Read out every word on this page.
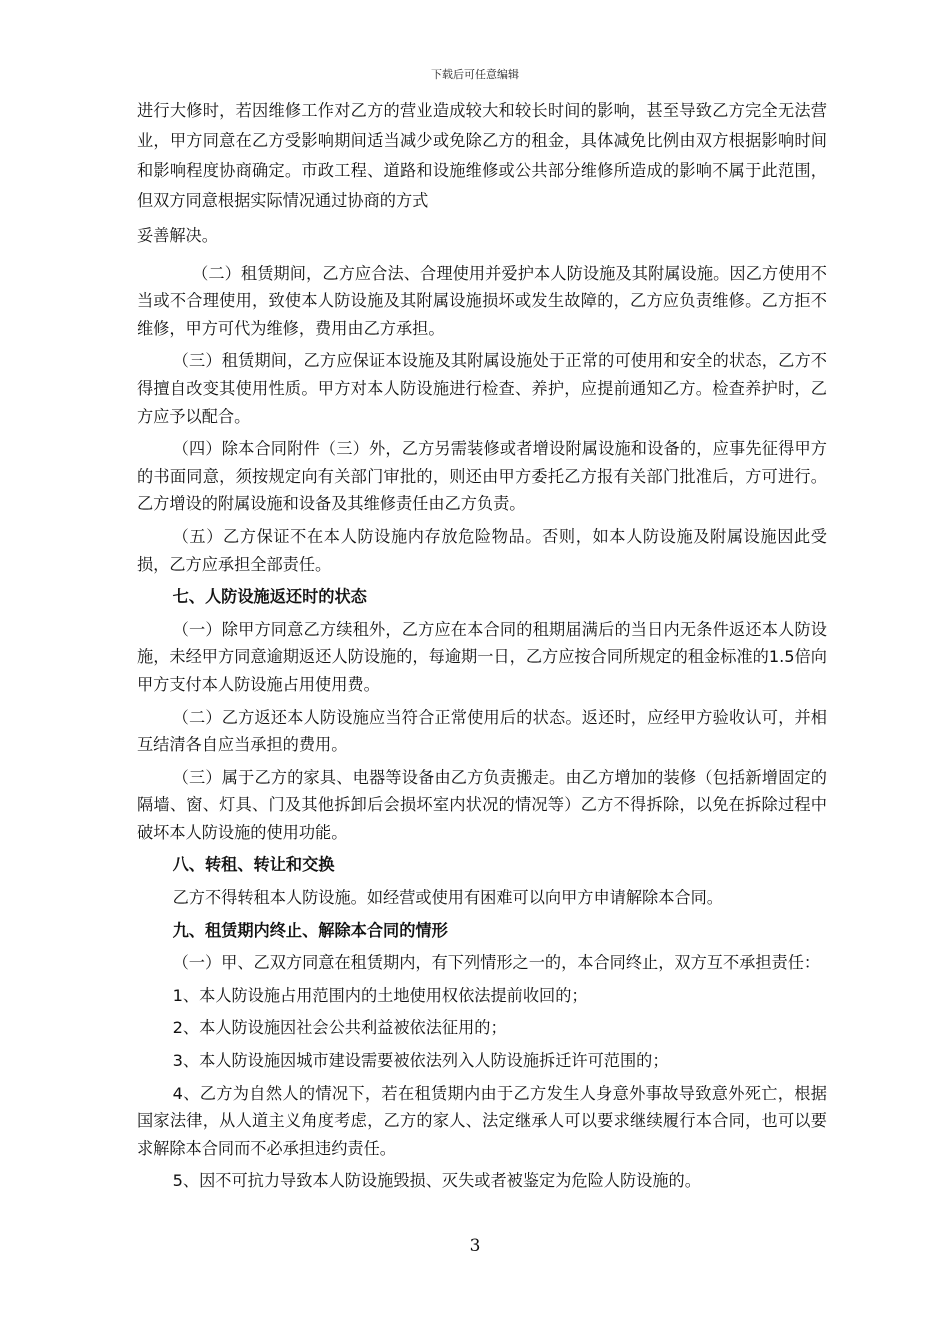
下载后可任意编辑

进行大修时，若因维修工作对乙方的营业造成较大和较长时间的影响，甚至导致乙方完全无法营业，甲方同意在乙方受影响期间适当减少或免除乙方的租金，具体减免比例由双方根据影响时间和影响程度协商确定。市政工程、道路和设施维修或公共部分维修所造成的影响不属于此范围，但双方同意根据实际情况通过协商的方式

妥善解决。

（二）租赁期间，乙方应合法、合理使用并爱护本人防设施及其附属设施。因乙方使用不当或不合理使用，致使本人防设施及其附属设施损坏或发生故障的，乙方应负责维修。乙方拒不维修，甲方可代为维修，费用由乙方承担。

（三）租赁期间，乙方应保证本设施及其附属设施处于正常的可使用和安全的状态，乙方不得擅自改变其使用性质。甲方对本人防设施进行检查、养护，应提前通知乙方。检查养护时，乙方应予以配合。

（四）除本合同附件（三）外，乙方另需装修或者增设附属设施和设备的，应事先征得甲方的书面同意，须按规定向有关部门审批的，则还由甲方委托乙方报有关部门批准后，方可进行。乙方增设的附属设施和设备及其维修责任由乙方负责。

（五）乙方保证不在本人防设施内存放危险物品。否则，如本人防设施及附属设施因此受损，乙方应承担全部责任。

七、人防设施返还时的状态

（一）除甲方同意乙方续租外，乙方应在本合同的租期届满后的当日内无条件返还本人防设施，未经甲方同意逾期返还人防设施的，每逾期一日，乙方应按合同所规定的租金标准的1.5倍向甲方支付本人防设施占用使用费。

（二）乙方返还本人防设施应当符合正常使用后的状态。返还时，应经甲方验收认可，并相互结清各自应当承担的费用。

（三）属于乙方的家具、电器等设备由乙方负责搬走。由乙方增加的装修（包括新增固定的隔墙、窗、灯具、门及其他拆卸后会损坏室内状况的情况等）乙方不得拆除，以免在拆除过程中破坏本人防设施的使用功能。

八、转租、转让和交换

乙方不得转租本人防设施。如经营或使用有困难可以向甲方申请解除本合同。

九、租赁期内终止、解除本合同的情形

（一）甲、乙双方同意在租赁期内，有下列情形之一的，本合同终止，双方互不承担责任：

1、本人防设施占用范围内的土地使用权依法提前收回的；

2、本人防设施因社会公共利益被依法征用的；

3、本人防设施因城市建设需要被依法列入人防设施拆迁许可范围的；

4、乙方为自然人的情况下，若在租赁期内由于乙方发生人身意外事故导致意外死亡，根据国家法律，从人道主义角度考虑，乙方的家人、法定继承人可以要求继续履行本合同，也可以要求解除本合同而不必承担违约责任。

5、因不可抗力导致本人防设施毁损、灭失或者被鉴定为危险人防设施的。

3
